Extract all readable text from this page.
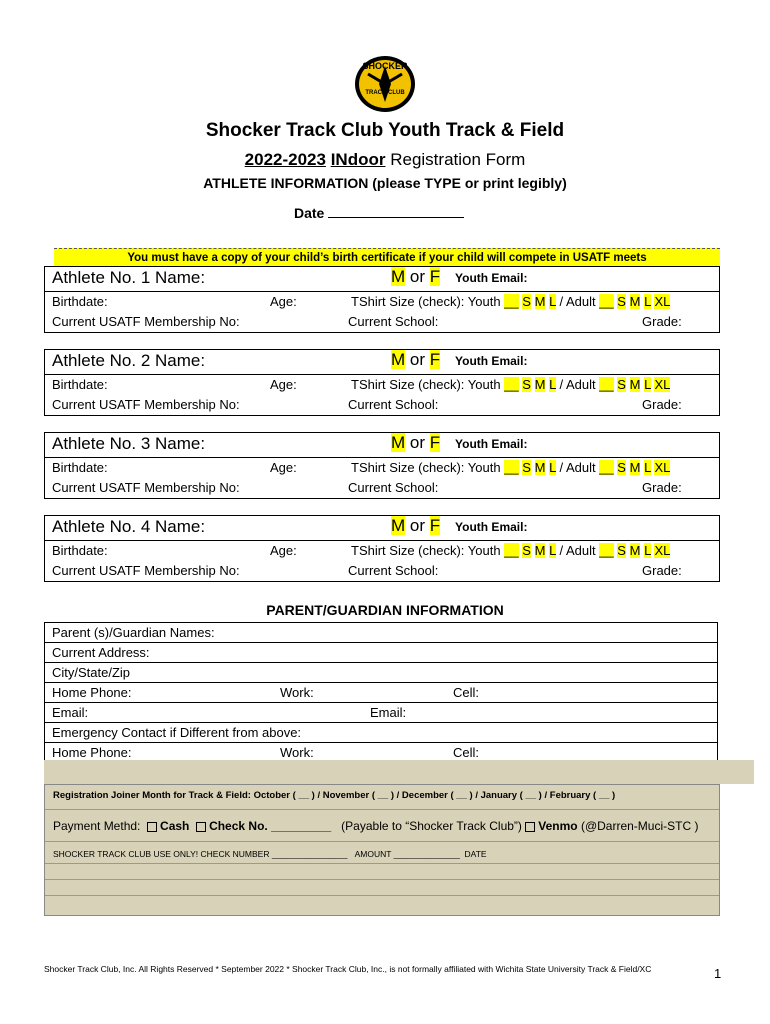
SHOCKER
TRACK CLUB
Shocker Track Club Youth Track & Field
2022-2023 INdoor Registration Form
ATHLETE INFORMATION (please TYPE or print legibly)
Date
You must have a copy of your child’s birth certificate if your child will compete in USATF meets
Athlete No. 1 Name:	M or F Youth Email:
Birthdate:	Age:	TShirt Size (check): Youth __ S M L / Adult __ S M L XL
Current USATF Membership No:	Current School:	Grade:
Athlete No. 2 Name:	M or F Youth Email:
Birthdate:	Age:	TShirt Size (check): Youth __ S M L / Adult __ S M L XL
Current USATF Membership No:	Current School:	Grade:
Athlete No. 3 Name:	M or F Youth Email:
Birthdate:	Age:	TShirt Size (check): Youth __ S M L / Adult __ S M L XL
Current USATF Membership No:	Current School:	Grade:
Athlete No. 4 Name:	M or F Youth Email:
Birthdate:	Age:	TShirt Size (check): Youth __ S M L / Adult __ S M L XL
Current USATF Membership No:	Current School:	Grade:
PARENT/GUARDIAN INFORMATION
Parent (s)/Guardian Names:
Current Address:
City/State/Zip
Home Phone:	Work:	Cell:
Email:	Email:
Emergency Contact if Different from above:
Home Phone:	Work:	Cell:
Registration Joiner Month for Track & Field: October ( __ ) / November ( __ ) / December ( __ ) / January ( __ ) / February ( __ )
Payment Methd: Cash Check No. _________ (Payable to “Shocker Track Club”) Venmo (@Darren-Muci-STC )
SHOCKER TRACK CLUB USE ONLY! CHECK NUMBER ________________ AMOUNT ______________ DATE
Shocker Track Club, Inc. All Rights Reserved * September 2022 * Shocker Track Club, Inc., is not formally affiliated with Wichita State University Track & Field/XC	1
